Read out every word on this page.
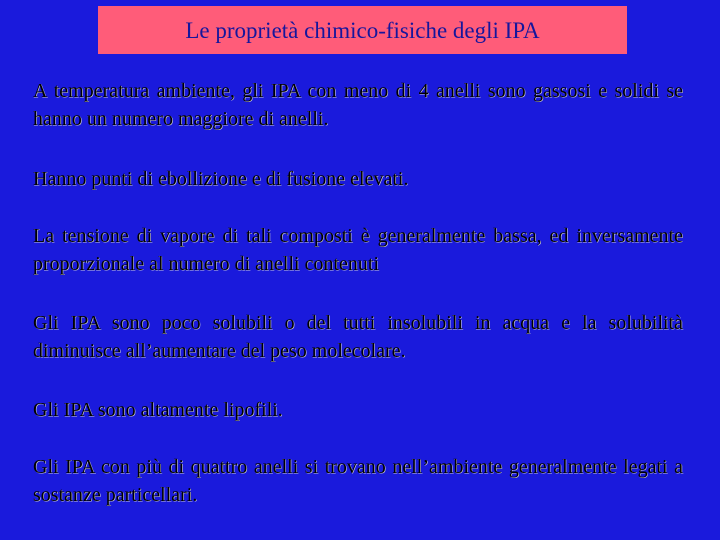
Le proprietà chimico-fisiche degli IPA
A temperatura ambiente, gli IPA con meno di 4 anelli sono gassosi e solidi se hanno un numero maggiore di anelli.
Hanno punti di ebollizione e di fusione elevati.
La tensione di vapore di tali composti è generalmente bassa, ed inversamente proporzionale al numero di anelli contenuti
Gli IPA sono poco solubili o del tutti insolubili in acqua e la solubilità diminuisce all’aumentare del peso molecolare.
Gli IPA sono altamente lipofili.
Gli IPA con più di quattro anelli si trovano nell’ambiente generalmente legati a sostanze particellari.
